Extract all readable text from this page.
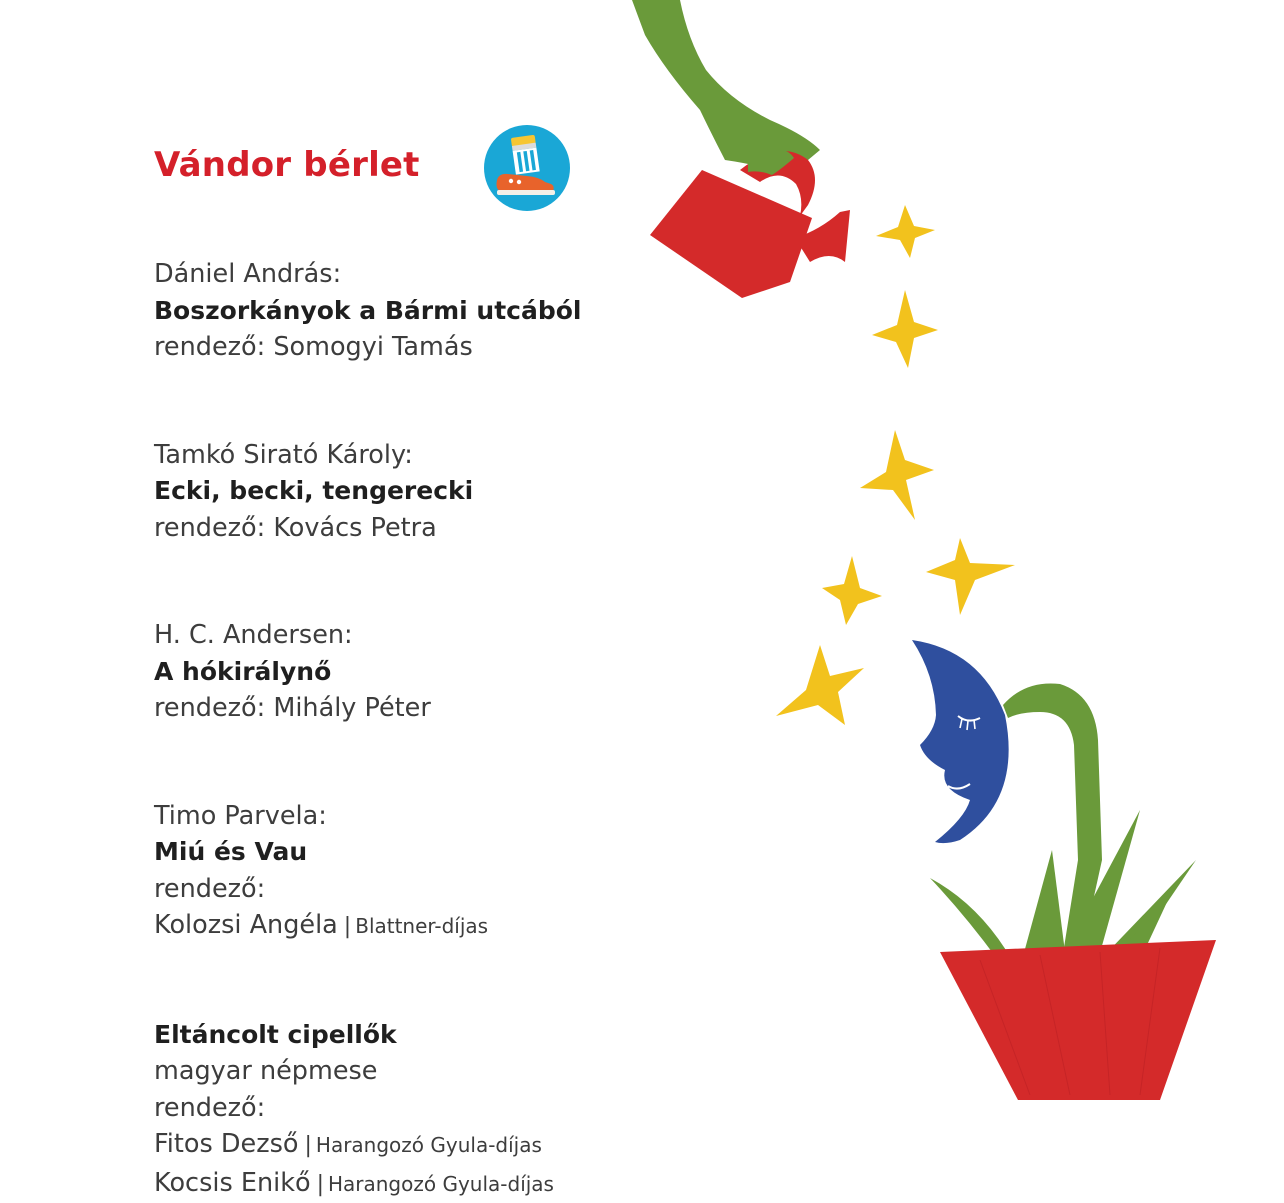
Vándor bérlet
Dániel András:
Boszorkányok a Bármi utcából
rendező: Somogyi Tamás
Tamkó Sirató Károly:
Ecki, becki, tengerecki
rendező: Kovács Petra
H. C. Andersen:
A hókirálynő
rendező: Mihály Péter
Timo Parvela:
Miú és Vau
rendező:
Kolozsi Angéla | Blattner-díjas
Eltáncolt cipellők
magyar népmese
rendező:
Fitos Dezső | Harangozó Gyula-díjas
Kocsis Enikő | Harangozó Gyula-díjas
